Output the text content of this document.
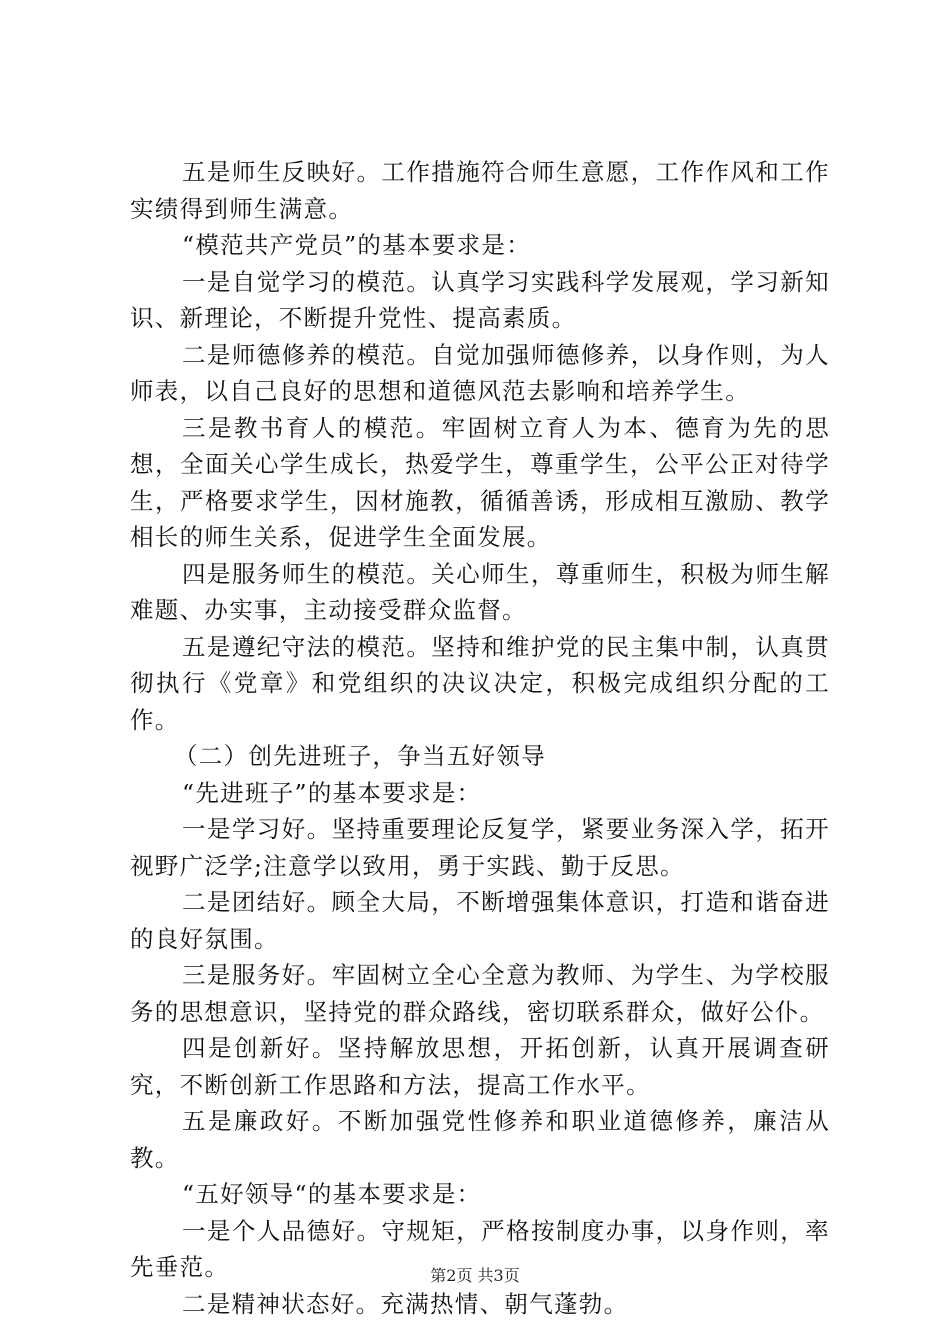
五是师生反映好。工作措施符合师生意愿，工作作风和工作实绩得到师生满意。

“模范共产党员”的基本要求是：

一是自觉学习的模范。认真学习实践科学发展观，学习新知识、新理论，不断提升党性、提高素质。

二是师德修养的模范。自觉加强师德修养，以身作则，为人师表，以自己良好的思想和道德风范去影响和培养学生。

三是教书育人的模范。牢固树立育人为本、德育为先的思想，全面关心学生成长，热爱学生，尊重学生，公平公正对待学生，严格要求学生，因材施教，循循善诱，形成相互激励、教学相长的师生关系，促进学生全面发展。

四是服务师生的模范。关心师生，尊重师生，积极为师生解难题、办实事，主动接受群众监督。

五是遵纪守法的模范。坚持和维护党的民主集中制，认真贯彻执行《党章》和党组织的决议决定，积极完成组织分配的工作。

（二）创先进班子，争当五好领导

“先进班子”的基本要求是：

一是学习好。坚持重要理论反复学，紧要业务深入学，拓开视野广泛学;注意学以致用，勇于实践、勤于反思。

二是团结好。顾全大局，不断增强集体意识，打造和谐奋进的良好氛围。

三是服务好。牢固树立全心全意为教师、为学生、为学校服务的思想意识，坚持党的群众路线，密切联系群众，做好公仆。

四是创新好。坚持解放思想，开拓创新，认真开展调查研究，不断创新工作思路和方法，提高工作水平。

五是廉政好。不断加强党性修养和职业道德修养，廉洁从教。

“五好领导“的基本要求是：

一是个人品德好。守规矩，严格按制度办事，以身作则，率先垂范。

二是精神状态好。充满热情、朝气蓬勃。

第2页 共3页
